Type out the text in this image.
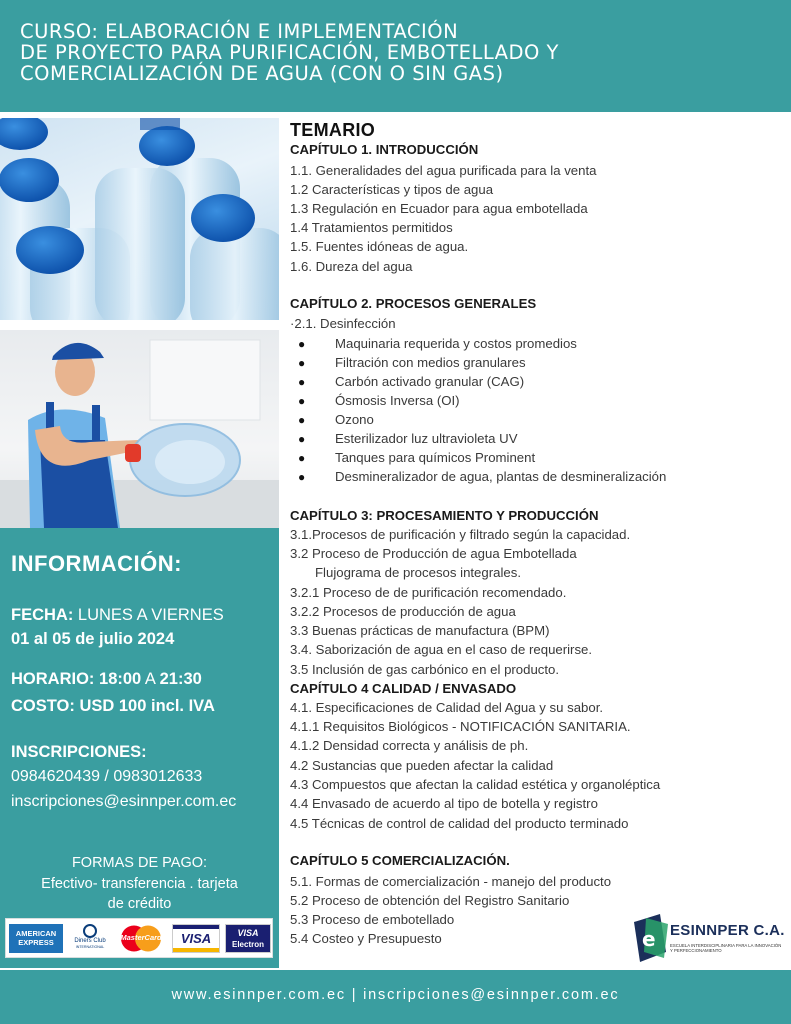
CURSO: ELABORACIÓN E IMPLEMENTACIÓN
DE PROYECTO PARA PURIFICACIÓN, EMBOTELLADO Y
COMERCIALIZACIÓN DE AGUA (CON O SIN GAS)
INFORMACIÓN:
FECHA: LUNES A VIERNES
01 al 05 de julio 2024
HORARIO: 18:00 A 21:30
COSTO: USD 100 incl. IVA
INSCRIPCIONES:
0984620439 / 0983012633
inscripciones@esinnper.com.ec
FORMAS DE PAGO:
Efectivo- transferencia . tarjeta
de crédito
AMERICAN
EXPRESS	Diners Club
INTERNATIONAL
MasterCard	VISA	VISA
Electron
TEMARIO
CAPÍTULO 1. INTRODUCCIÓN
1.1. Generalidades del agua purificada para la venta
1.2 Características y tipos de agua
1.3 Regulación en Ecuador para agua embotellada
1.4 Tratamientos permitidos
1.5. Fuentes idóneas de agua.
1.6. Dureza del agua
CAPÍTULO 2. PROCESOS GENERALES
·2.1. Desinfección
● Maquinaria requerida y costos promedios
● Filtración con medios granulares
● Carbón activado granular (CAG)
● Ósmosis Inversa (OI)
● Ozono
● Esterilizador luz ultravioleta UV
● Tanques para químicos Prominent
● Desmineralizador de agua, plantas de desmineralización
CAPÍTULO 3: PROCESAMIENTO Y PRODUCCIÓN
3.1.Procesos de purificación y filtrado según la capacidad.
3.2 Proceso de Producción de agua Embotellada
Flujograma de procesos integrales.
3.2.1 Proceso de de purificación recomendado.
3.2.2 Procesos de producción de agua
3.3 Buenas prácticas de manufactura (BPM)
3.4. Saborización de agua en el caso de requerirse.
3.5 Inclusión de gas carbónico en el producto.
CAPÍTULO 4 CALIDAD / ENVASADO
4.1. Especificaciones de Calidad del Agua y su sabor.
4.1.1 Requisitos Biológicos - NOTIFICACIÓN SANITARIA.
4.1.2 Densidad correcta y análisis de ph.
4.2 Sustancias que pueden afectar la calidad
4.3 Compuestos que afectan la calidad estética y organoléptica
4.4 Envasado de acuerdo al tipo de botella y registro
4.5 Técnicas de control de calidad del producto terminado
CAPÍTULO 5 COMERCIALIZACIÓN.
5.1. Formas de comercialización - manejo del producto
5.2 Proceso de obtención del Registro Sanitario
5.3 Proceso de embotellado
5.4 Costeo y Presupuesto	e ESINNPER C.A.
ESCUELA INTERDISCIPLINARIA PARA LA INNOVACIÓN Y PERFECCIONAMIENTO
www.esinnper.com.ec | inscripciones@esinnper.com.ec
